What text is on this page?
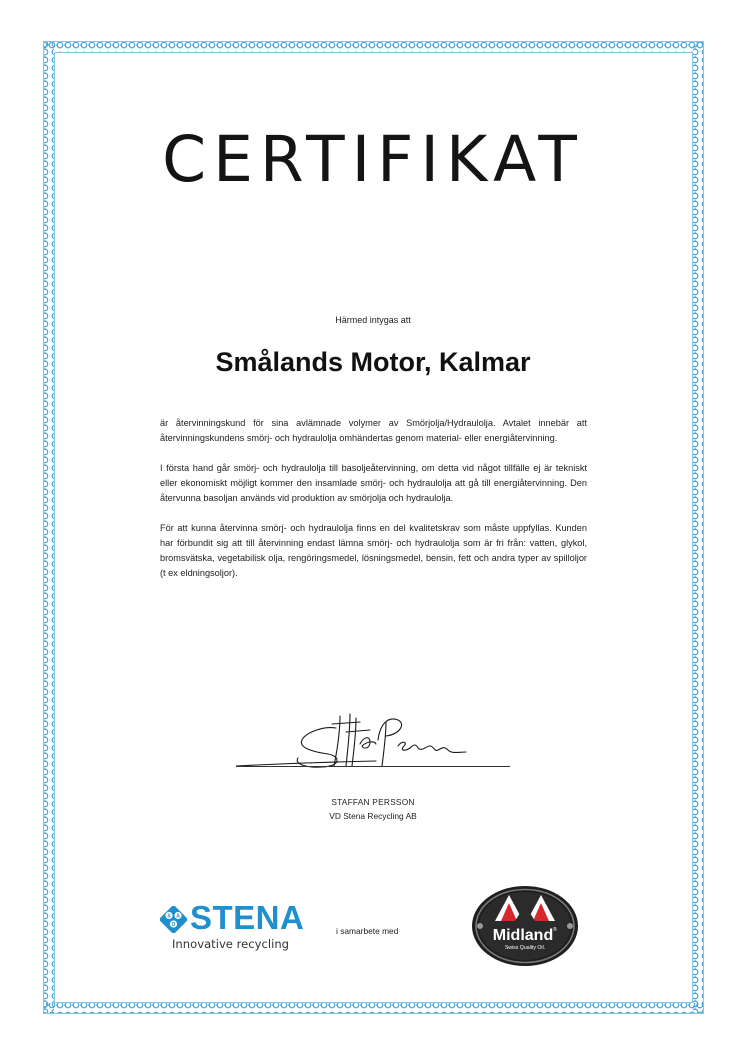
CERTIFIKAT
Härmed intygas att
Smålands Motor, Kalmar

är återvinningskund för sina avlämnade volymer av Smörjolja/Hydraulolja. Avtalet innebär att återvinningskundens smörj- och hydraulolja omhändertas genom material- eller energiåtervinning.

I första hand går smörj- och hydraulolja till basoljeåtervinning, om detta vid något tillfälle ej är tekniskt eller ekonomiskt möjligt kommer den insamlade smörj- och hydraulolja att gå till energiåtervinning. Den återvunna basoljan används vid produktion av smörjolja och hydraulolja.

För att kunna återvinna smörj- och hydraulolja finns en del kvalitetskrav som måste uppfyllas. Kunden har förbundit sig att till återvinning endast lämna smörj- och hydraulolja som är fri från: vatten, glykol, bromsvätska, vegetabilisk olja, rengöringsmedel, lösningsmedel, bensin, fett och andra typer av spilloljor (t ex eldningsoljor).

STAFFAN PERSSON
VD Stena Recycling AB
S A
O STENA
Innovative recycling
i samarbete med	Midland ®
Swiss Quality Oil.
